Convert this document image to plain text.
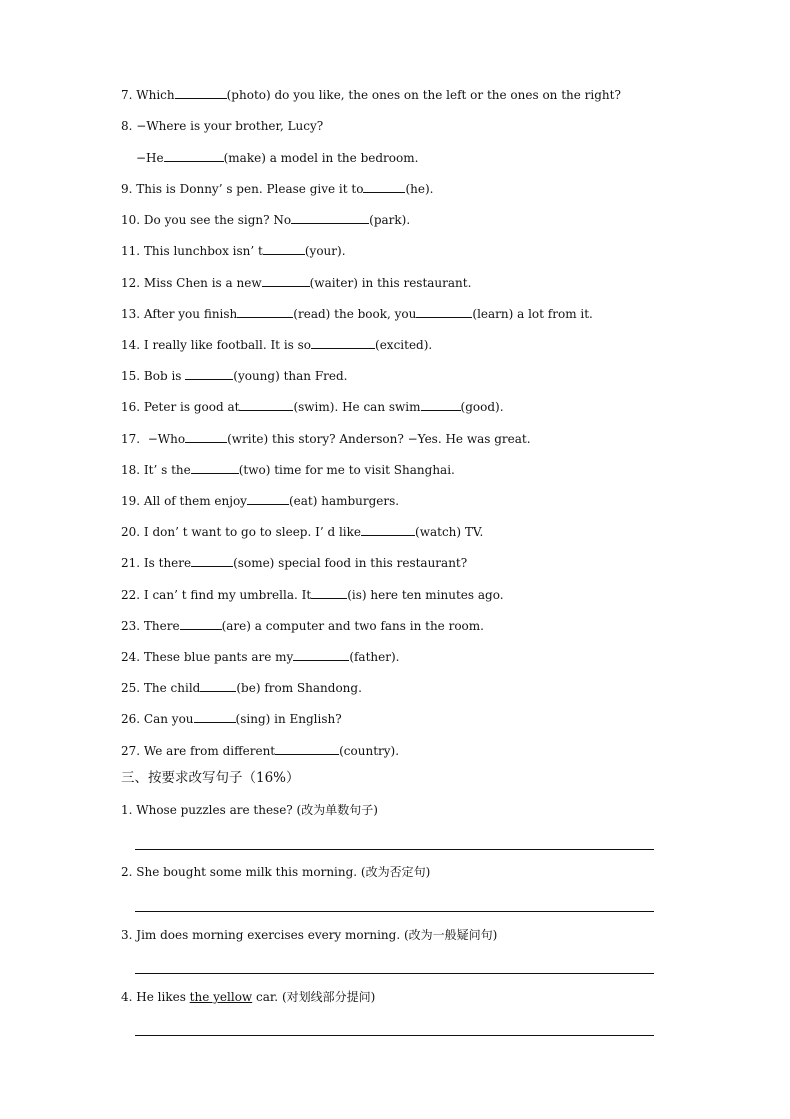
7. Which	(photo) do you like, the ones on the left or the ones on the right?
8. −Where is your brother, Lucy?
−He	(make) a model in the bedroom.
9. This is Donny’ s pen. Please give it to	(he).
10. Do you see the sign? No	(park).
11. This lunchbox isn’ t	(your).
12. Miss Chen is a new	(waiter) in this restaurant.
13. After you finish	(read) the book, you	(learn) a lot from it.
14. I really like football. It is so	(excited).
15. Bob is	(young) than Fred.
16. Peter is good at	(swim). He can swim	(good).
17.  −Who	(write) this story? Anderson? −Yes. He was great.
18. It’ s the	(two) time for me to visit Shanghai.
19. All of them enjoy	(eat) hamburgers.
20. I don’ t want to go to sleep. I’ d like	(watch) TV.
21. Is there	(some) special food in this restaurant?
22. I can’ t find my umbrella. It	(is) here ten minutes ago.
23. There	(are) a computer and two fans in the room.
24. These blue pants are my	(father).
25. The child	(be) from Shandong.
26. Can you	(sing) in English?
27. We are from different	(country).
三、按要求改写句子（16%）
1. Whose puzzles are these? (改为单数句子)
2. She bought some milk this morning. (改为否定句)
3. Jim does morning exercises every morning. (改为一般疑问句)
4. He likes the yellow car. (对划线部分提问)
